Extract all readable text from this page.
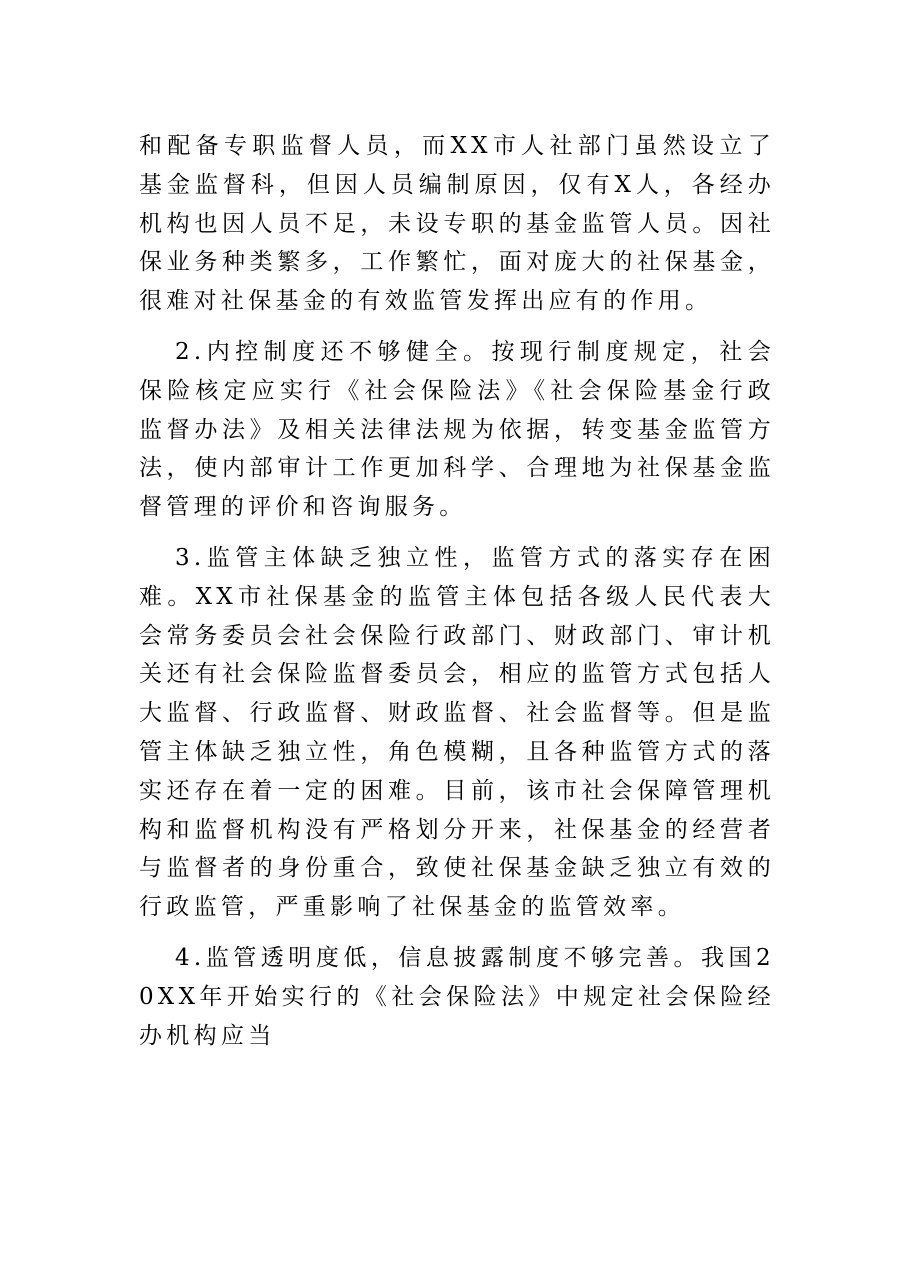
和配备专职监督人员，而XX市人社部门虽然设立了基金监督科，但因人员编制原因，仅有X人，各经办机构也因人员不足，未设专职的基金监管人员。因社保业务种类繁多，工作繁忙，面对庞大的社保基金，很难对社保基金的有效监管发挥出应有的作用。

2.内控制度还不够健全。按现行制度规定，社会保险核定应实行《社会保险法》《社会保险基金行政监督办法》及相关法律法规为依据，转变基金监管方法，使内部审计工作更加科学、合理地为社保基金监督管理的评价和咨询服务。

3.监管主体缺乏独立性，监管方式的落实存在困难。XX市社保基金的监管主体包括各级人民代表大会常务委员会社会保险行政部门、财政部门、审计机关还有社会保险监督委员会，相应的监管方式包括人大监督、行政监督、财政监督、社会监督等。但是监管主体缺乏独立性，角色模糊，且各种监管方式的落实还存在着一定的困难。目前，该市社会保障管理机构和监督机构没有严格划分开来，社保基金的经营者与监督者的身份重合，致使社保基金缺乏独立有效的行政监管，严重影响了社保基金的监管效率。

4.监管透明度低，信息披露制度不够完善。我国20XX年开始实行的《社会保险法》中规定社会保险经办机构应当
